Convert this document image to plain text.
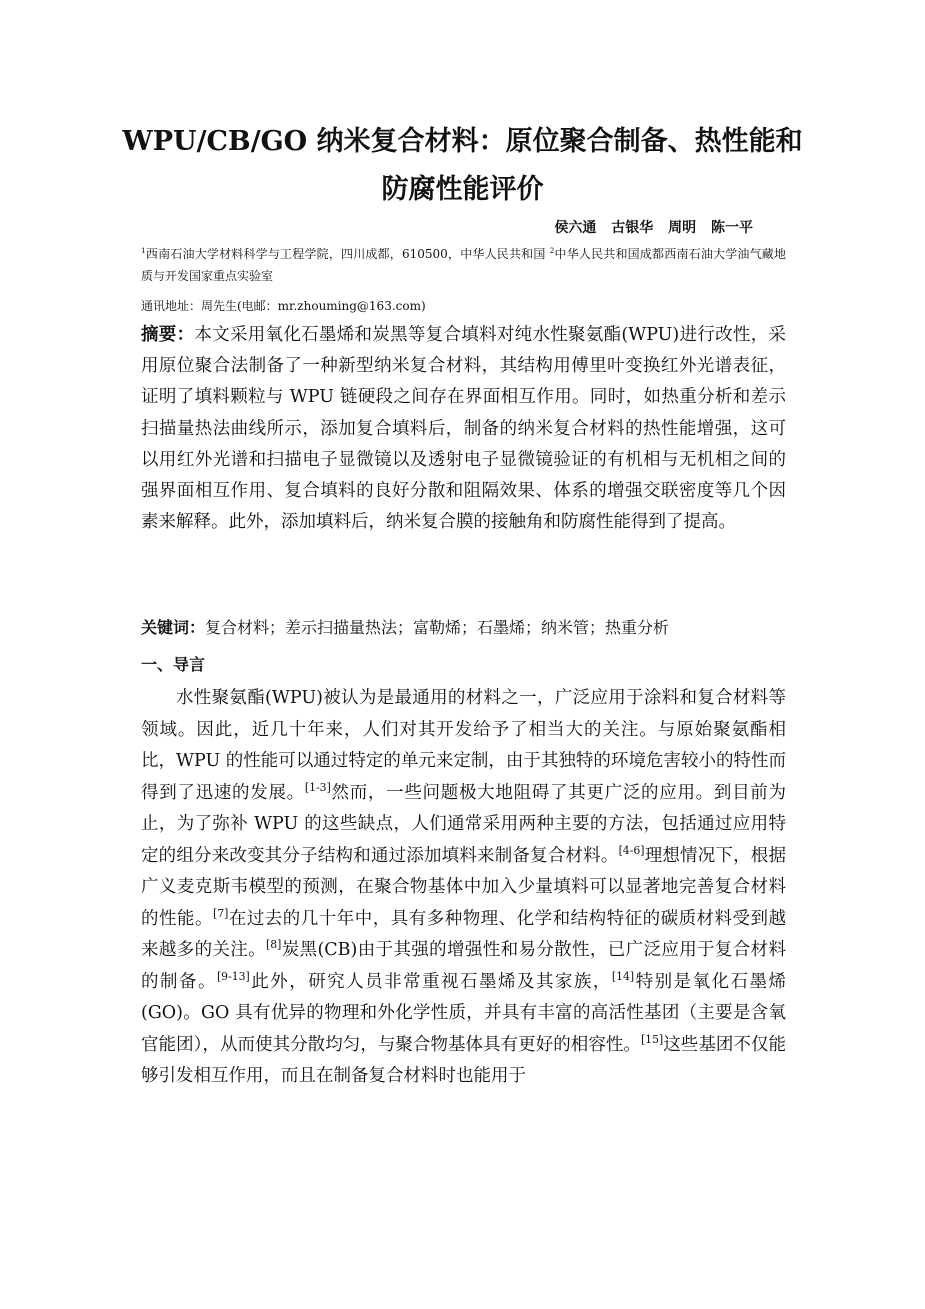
WPU/CB/GO 纳米复合材料：原位聚合制备、热性能和防腐性能评价

侯六通 古银华 周明 陈一平

$^1$西南石油大学材料科学与工程学院，四川成都，610500，中华人民共和国 $^2$中华人民共和国成都西南石油大学油气藏地质与开发国家重点实验室

通讯地址：周先生(电邮：mr.zhouming@163.com)

摘要：本文采用氧化石墨烯和炭黑等复合填料对纯水性聚氨酯(WPU)进行改性，采用原位聚合法制备了一种新型纳米复合材料，其结构用傅里叶变换红外光谱表征，证明了填料颗粒与 WPU 链硬段之间存在界面相互作用。同时，如热重分析和差示扫描量热法曲线所示，添加复合填料后，制备的纳米复合材料的热性能增强，这可以用红外光谱和扫描电子显微镜以及透射电子显微镜验证的有机相与无机相之间的强界面相互作用、复合填料的良好分散和阻隔效果、体系的增强交联密度等几个因素来解释。此外，添加填料后，纳米复合膜的接触角和防腐性能得到了提高。

关键词：复合材料；差示扫描量热法；富勒烯；石墨烯；纳米管；热重分析

一、导言

水性聚氨酯(WPU)被认为是最通用的材料之一，广泛应用于涂料和复合材料等领域。因此，近几十年来，人们对其开发给予了相当大的关注。与原始聚氨酯相比，WPU 的性能可以通过特定的单元来定制，由于其独特的环境危害较小的特性而得到了迅速的发展。[1-3]然而，一些问题极大地阻碍了其更广泛的应用。到目前为止，为了弥补 WPU 的这些缺点，人们通常采用两种主要的方法，包括通过应用特定的组分来改变其分子结构和通过添加填料来制备复合材料。[4-6]理想情况下，根据广义麦克斯韦模型的预测，在聚合物基体中加入少量填料可以显著地完善复合材料的性能。[7]在过去的几十年中，具有多种物理、化学和结构特征的碳质材料受到越来越多的关注。[8]炭黑(CB)由于其强的增强性和易分散性，已广泛应用于复合材料的制备。[9-13]此外，研究人员非常重视石墨烯及其家族，[14]特别是氧化石墨烯(GO)。GO 具有优异的物理和外化学性质，并具有丰富的高活性基团（主要是含氧官能团），从而使其分散均匀，与聚合物基体具有更好的相容性。[15]这些基团不仅能够引发相互作用，而且在制备复合材料时也能用于
